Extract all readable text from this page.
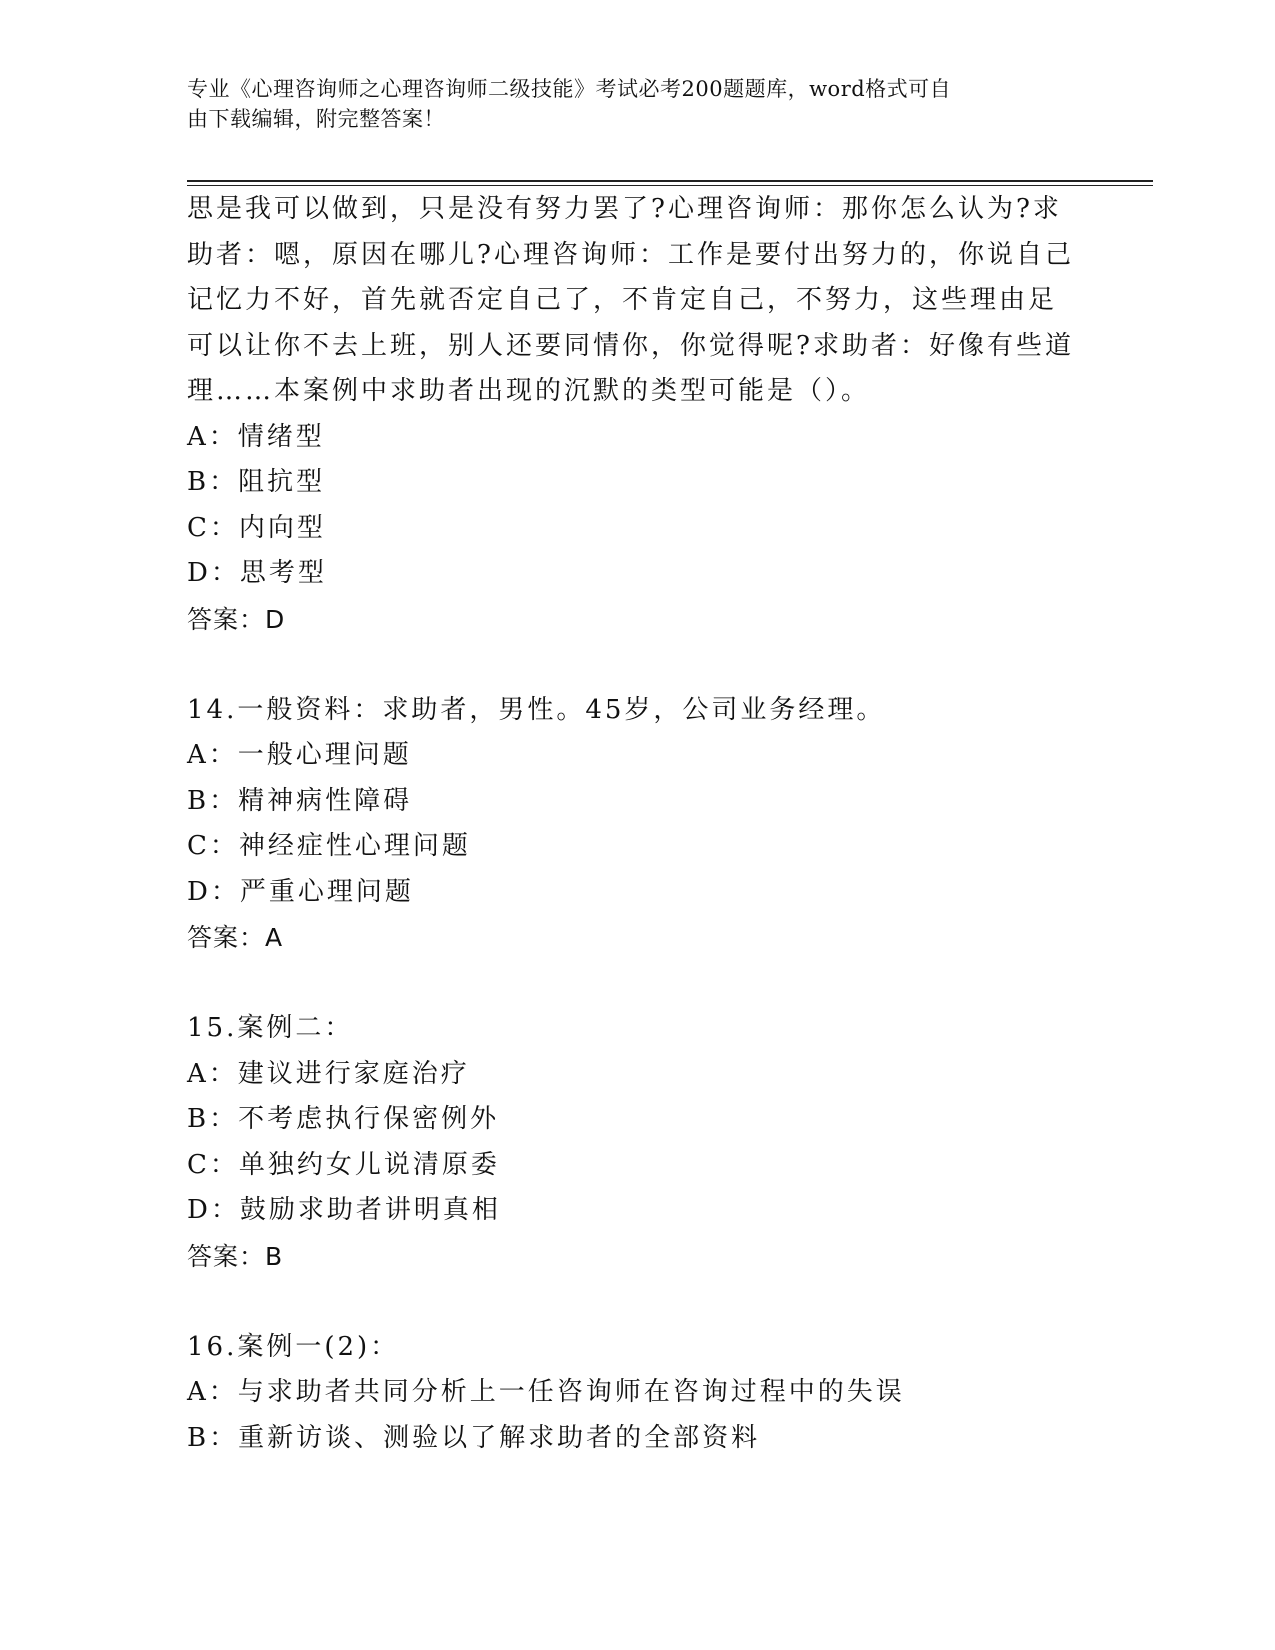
专业《心理咨询师之心理咨询师二级技能》考试必考200题题库，word格式可自
由下载编辑，附完整答案！
思是我可以做到，只是没有努力罢了?心理咨询师：那你怎么认为?求
助者：嗯，原因在哪儿?心理咨询师：工作是要付出努力的，你说自己
记忆力不好，首先就否定自己了，不肯定自己，不努力，这些理由足
可以让你不去上班，别人还要同情你，你觉得呢?求助者：好像有些道
理……本案例中求助者出现的沉默的类型可能是（）。
A：情绪型
B：阻抗型
C：内向型
D：思考型
答案：D
14.一般资料：求助者，男性。45岁，公司业务经理。
A：一般心理问题
B：精神病性障碍
C：神经症性心理问题
D：严重心理问题
答案：A
15.案例二：
A：建议进行家庭治疗
B：不考虑执行保密例外
C：单独约女儿说清原委
D：鼓励求助者讲明真相
答案：B
16.案例一(2)：
A：与求助者共同分析上一任咨询师在咨询过程中的失误
B：重新访谈、测验以了解求助者的全部资料
